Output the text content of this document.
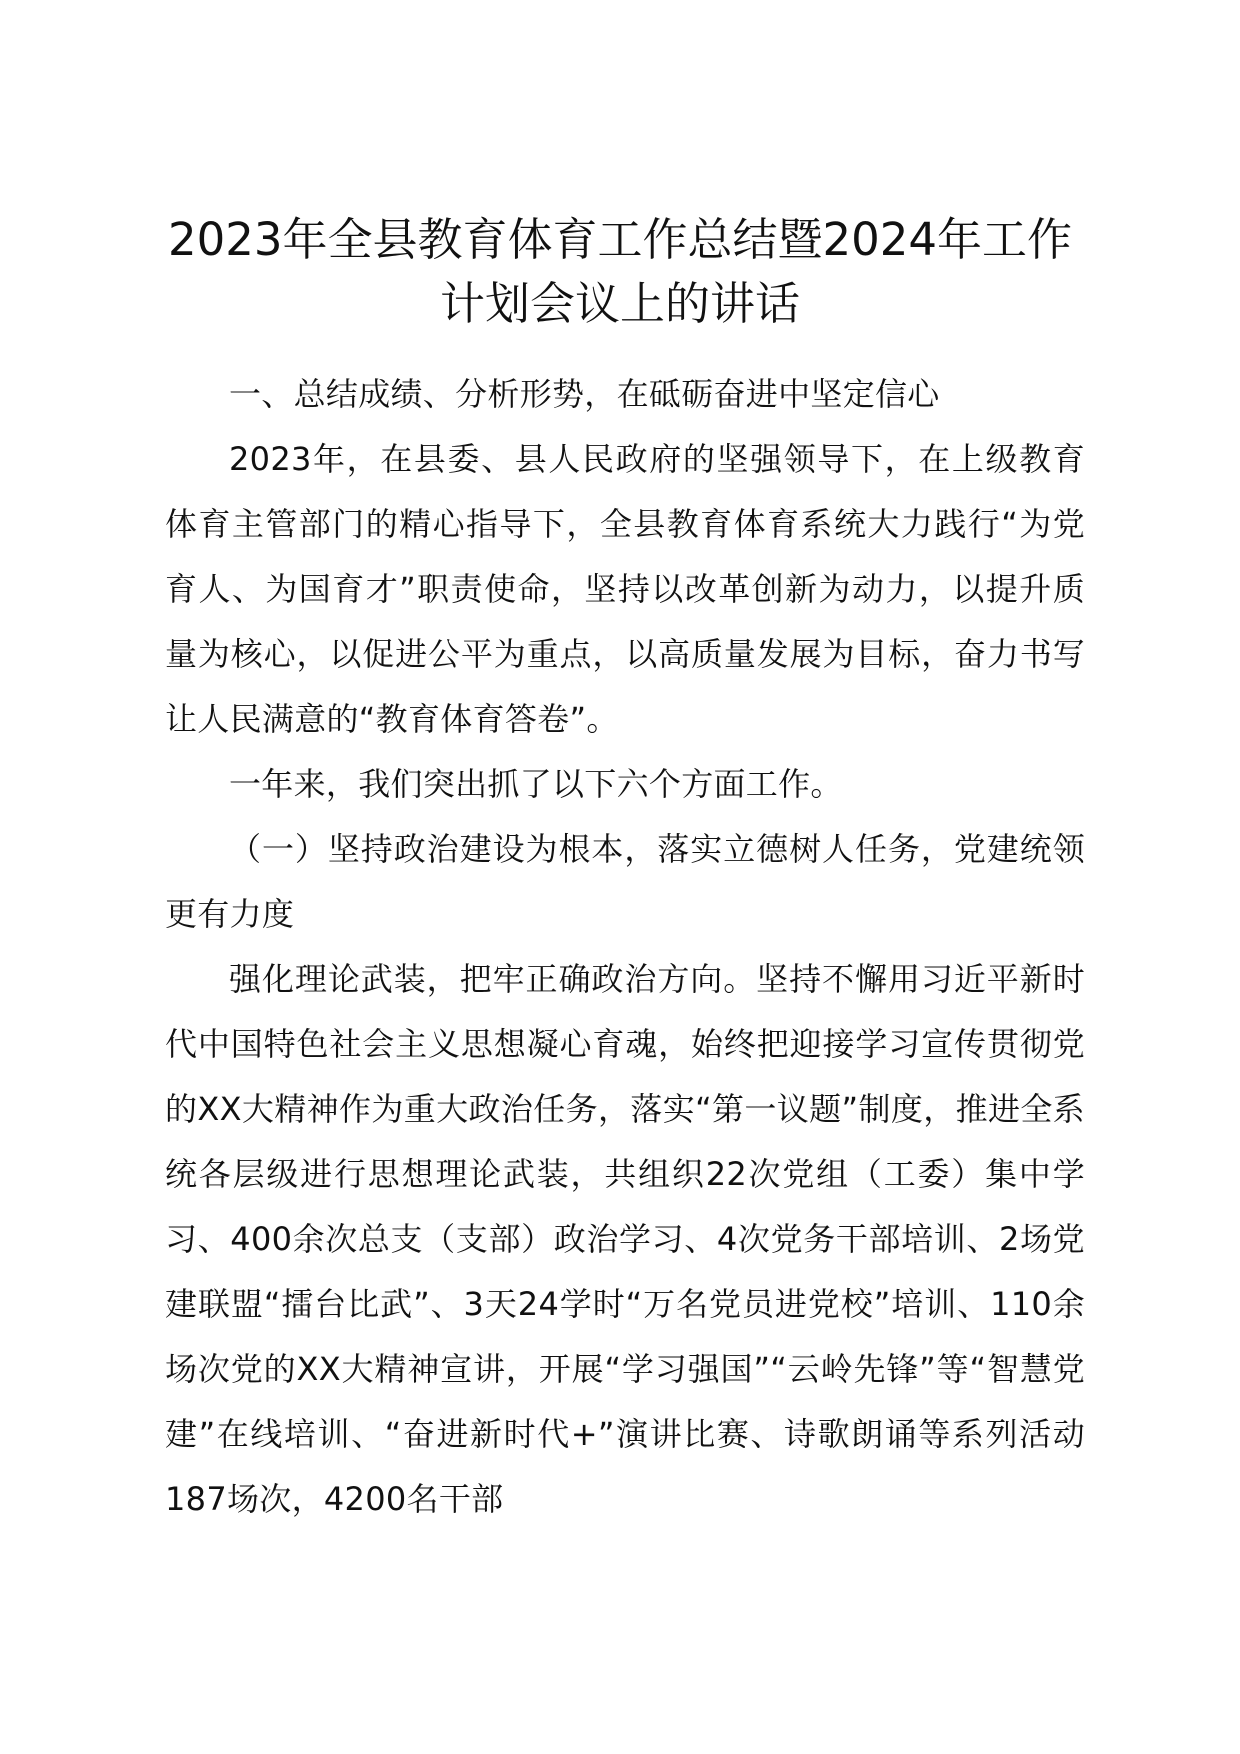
2023年全县教育体育工作总结暨2024年工作计划会议上的讲话

一、总结成绩、分析形势，在砥砺奋进中坚定信心

2023年，在县委、县人民政府的坚强领导下，在上级教育体育主管部门的精心指导下，全县教育体育系统大力践行“为党育人、为国育才”职责使命，坚持以改革创新为动力，以提升质量为核心，以促进公平为重点，以高质量发展为目标，奋力书写让人民满意的“教育体育答卷”。

一年来，我们突出抓了以下六个方面工作。

（一）坚持政治建设为根本，落实立德树人任务，党建统领更有力度

强化理论武装，把牢正确政治方向。坚持不懈用习近平新时代中国特色社会主义思想凝心育魂，始终把迎接学习宣传贯彻党的XX大精神作为重大政治任务，落实“第一议题”制度，推进全系统各层级进行思想理论武装，共组织22次党组（工委）集中学习、400余次总支（支部）政治学习、4次党务干部培训、2场党建联盟“擂台比武”、3天24学时“万名党员进党校”培训、110余场次党的XX大精神宣讲，开展“学习强国”“云岭先锋”等“智慧党建”在线培训、“奋进新时代+”演讲比赛、诗歌朗诵等系列活动187场次，4200名干部
